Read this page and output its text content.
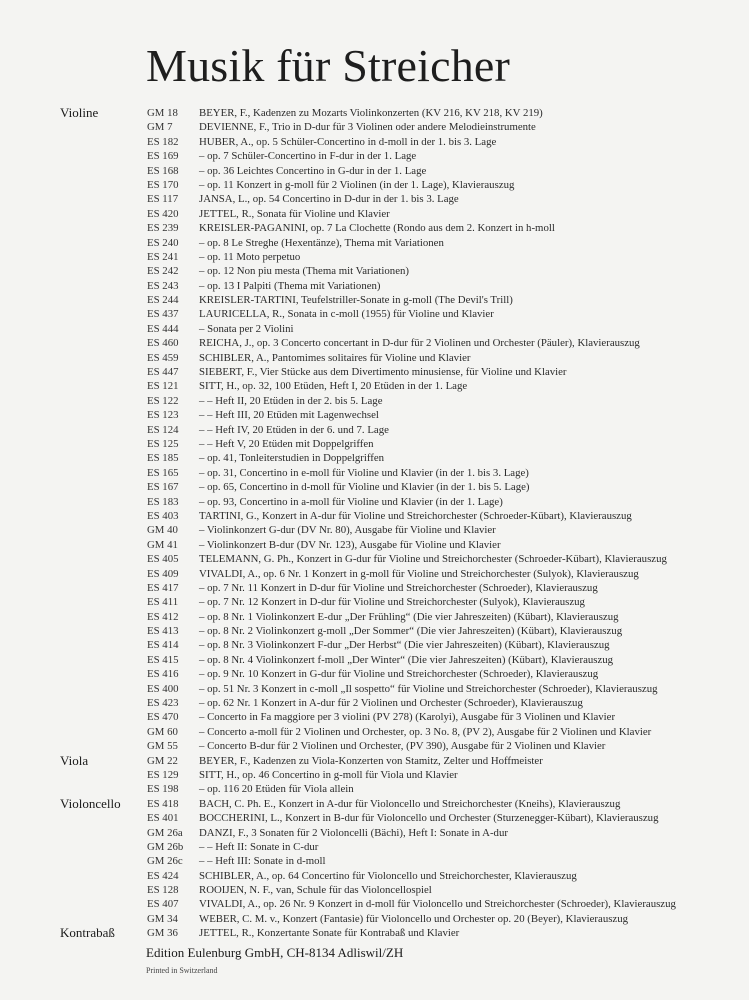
Musik für Streicher
Violine	GM 18 BEYER, F., Kadenzen zu Mozarts Violinkonzerten (KV 216, KV 218, KV 219)
GM 7 DEVIENNE, F., Trio in D-dur für 3 Violinen oder andere Melodieinstrumente
ES 182 HUBER, A., op. 5 Schüler-Concertino in d-moll in der 1. bis 3. Lage
ES 169 – op. 7 Schüler-Concertino in F-dur in der 1. Lage
ES 168 – op. 36 Leichtes Concertino in G-dur in der 1. Lage
ES 170 – op. 11 Konzert in g-moll für 2 Violinen (in der 1. Lage), Klavierauszug
ES 117 JANSA, L., op. 54 Concertino in D-dur in der 1. bis 3. Lage
ES 420 JETTEL, R., Sonata für Violine und Klavier
ES 239 KREISLER-PAGANINI, op. 7 La Clochette (Rondo aus dem 2. Konzert in h-moll
ES 240 – op. 8 Le Streghe (Hexentänze), Thema mit Variationen
ES 241 – op. 11 Moto perpetuo
ES 242 – op. 12 Non piu mesta (Thema mit Variationen)
ES 243 – op. 13 I Palpiti (Thema mit Variationen)
ES 244 KREISLER-TARTINI, Teufelstriller-Sonate in g-moll (The Devil's Trill)
ES 437 LAURICELLA, R., Sonata in c-moll (1955) für Violine und Klavier
ES 444 – Sonata per 2 Violini
ES 460 REICHA, J., op. 3 Concerto concertant in D-dur für 2 Violinen und Orchester (Päuler), Klavierauszug
ES 459 SCHIBLER, A., Pantomimes solitaires für Violine und Klavier
ES 447 SIEBERT, F., Vier Stücke aus dem Divertimento minusiense, für Violine und Klavier
ES 121 SITT, H., op. 32, 100 Etüden, Heft I, 20 Etüden in der 1. Lage
ES 122 – – Heft II, 20 Etüden in der 2. bis 5. Lage
ES 123 – – Heft III, 20 Etüden mit Lagenwechsel
ES 124 – – Heft IV, 20 Etüden in der 6. und 7. Lage
ES 125 – – Heft V, 20 Etüden mit Doppelgriffen
ES 185 – op. 41, Tonleiterstudien in Doppelgriffen
ES 165 – op. 31, Concertino in e-moll für Violine und Klavier (in der 1. bis 3. Lage)
ES 167 – op. 65, Concertino in d-moll für Violine und Klavier (in der 1. bis 5. Lage)
ES 183 – op. 93, Concertino in a-moll für Violine und Klavier (in der 1. Lage)
ES 403 TARTINI, G., Konzert in A-dur für Violine und Streichorchester (Schroeder-Kübart), Klavierauszug
GM 40 – Violinkonzert G-dur (DV Nr. 80), Ausgabe für Violine und Klavier
GM 41 – Violinkonzert B-dur (DV Nr. 123), Ausgabe für Violine und Klavier
ES 405 TELEMANN, G. Ph., Konzert in G-dur für Violine und Streichorchester (Schroeder-Kübart), Klavierauszug
ES 409 VIVALDI, A., op. 6 Nr. 1 Konzert in g-moll für Violine und Streichorchester (Sulyok), Klavierauszug
ES 417 – op. 7 Nr. 11 Konzert in D-dur für Violine und Streichorchester (Schroeder), Klavierauszug
ES 411 – op. 7 Nr. 12 Konzert in D-dur für Violine und Streichorchester (Sulyok), Klavierauszug
ES 412 – op. 8 Nr. 1 Violinkonzert E-dur „Der Frühling“ (Die vier Jahreszeiten) (Kübart), Klavierauszug
ES 413 – op. 8 Nr. 2 Violinkonzert g-moll „Der Sommer“ (Die vier Jahreszeiten) (Kübart), Klavierauszug
ES 414 – op. 8 Nr. 3 Violinkonzert F-dur „Der Herbst“ (Die vier Jahreszeiten) (Kübart), Klavierauszug
ES 415 – op. 8 Nr. 4 Violinkonzert f-moll „Der Winter“ (Die vier Jahreszeiten) (Kübart), Klavierauszug
ES 416 – op. 9 Nr. 10 Konzert in G-dur für Violine und Streichorchester (Schroeder), Klavierauszug
ES 400 – op. 51 Nr. 3 Konzert in c-moll „Il sospetto“ für Violine und Streichorchester (Schroeder), Klavierauszug
ES 423 – op. 62 Nr. 1 Konzert in A-dur für 2 Violinen und Orchester (Schroeder), Klavierauszug
ES 470 – Concerto in Fa maggiore per 3 violini (PV 278) (Karolyi), Ausgabe für 3 Violinen und Klavier
GM 60 – Concerto a-moll für 2 Violinen und Orchester, op. 3 No. 8, (PV 2), Ausgabe für 2 Violinen und Klavier
GM 55 – Concerto B-dur für 2 Violinen und Orchester, (PV 390), Ausgabe für 2 Violinen und Klavier
Viola	GM 22 BEYER, F., Kadenzen zu Viola-Konzerten von Stamitz, Zelter und Hoffmeister
ES 129 SITT, H., op. 46 Concertino in g-moll für Viola und Klavier
ES 198 – op. 116 20 Etüden für Viola allein
Violoncello ES 418 BACH, C. Ph. E., Konzert in A-dur für Violoncello und Streichorchester (Kneihs), Klavierauszug
ES 401 BOCCHERINI, L., Konzert in B-dur für Violoncello und Orchester (Sturzenegger-Kübart), Klavierauszug
GM 26a DANZI, F., 3 Sonaten für 2 Violoncelli (Bächi), Heft I: Sonate in A-dur
GM 26b – – Heft II: Sonate in C-dur
GM 26c – – Heft III: Sonate in d-moll
ES 424 SCHIBLER, A., op. 64 Concertino für Violoncello und Streichorchester, Klavierauszug
ES 128 ROOIJEN, N. F., van, Schule für das Violoncellospiel
ES 407 VIVALDI, A., op. 26 Nr. 9 Konzert in d-moll für Violoncello und Streichorchester (Schroeder), Klavierauszug
GM 34 WEBER, C. M. v., Konzert (Fantasie) für Violoncello und Orchester op. 20 (Beyer), Klavierauszug
Kontrabaß	GM 36 JETTEL, R., Konzertante Sonate für Kontrabaß und Klavier
Edition Eulenburg GmbH, CH-8134 Adliswil/ZH
Printed in Switzerland
